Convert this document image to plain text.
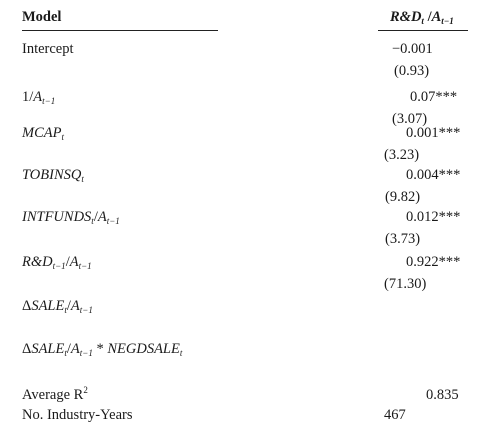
Model	$R\&D_t$ $/A_{t-1}$
Intercept	−0.001
(0.93)
$1/A_{t-1}$	0.07***
(3.07)
$MCAP_t$	0.001***
(3.23)
$TOBINSQ_t$	0.004***
(9.82)
$INTFUNDS_t/A_{t-1}$	0.012***
(3.73)
$R\&D_{t-1}/A_{t-1}$	0.922***
(71.30)
$\Delta SALE_t/A_{t-1}$
$\Delta SALE_t/A_{t-1}$ * $NEGDSALE_t$
Average $R^2$	0.835
No. Industry-Years	467
